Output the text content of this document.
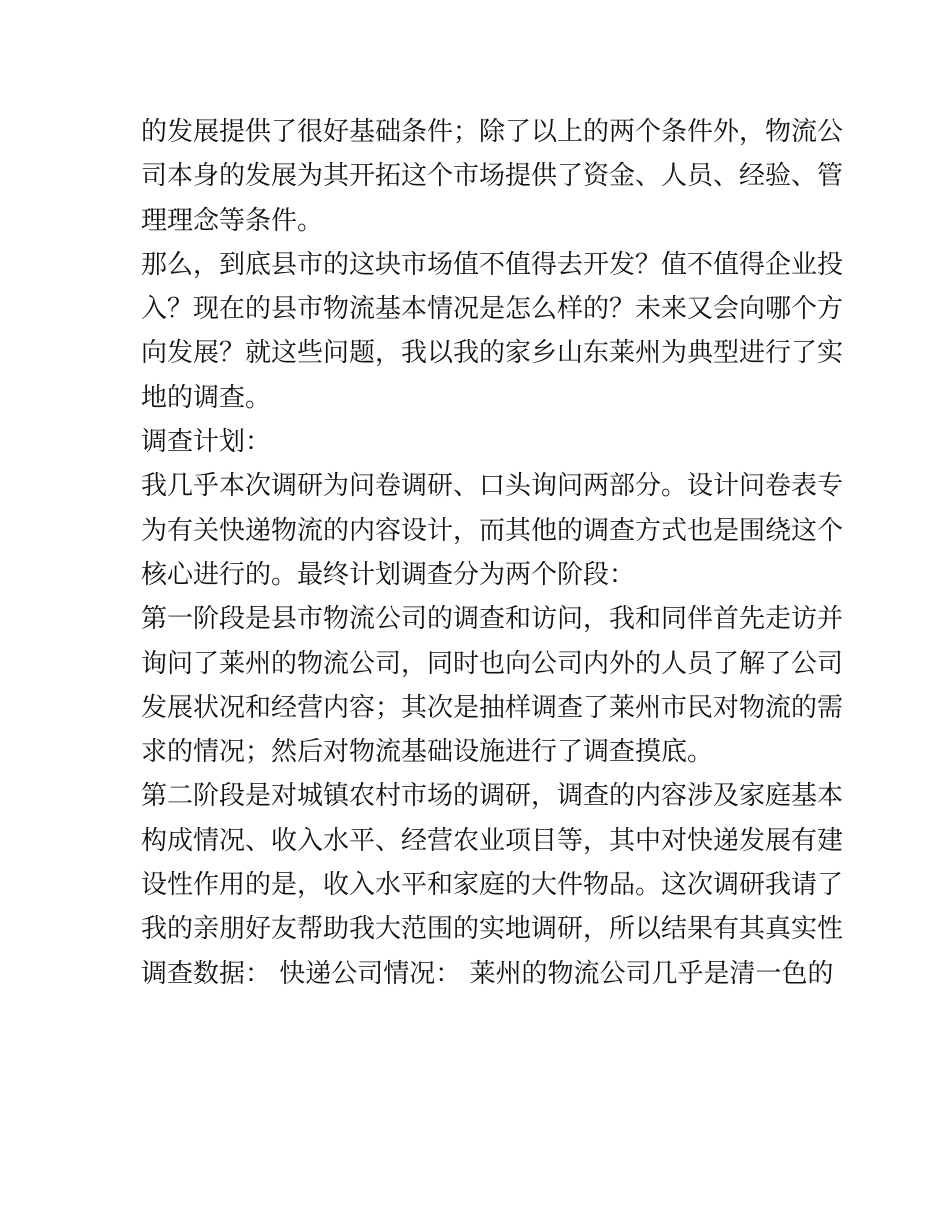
的发展提供了很好基础条件；除了以上的两个条件外，物流公
司本身的发展为其开拓这个市场提供了资金、人员、经验、管
理理念等条件。
那么，到底县市的这块市场值不值得去开发？值不值得企业投
入？现在的县市物流基本情况是怎么样的？未来又会向哪个方
向发展？就这些问题，我以我的家乡山东莱州为典型进行了实
地的调查。
调查计划：
我几乎本次调研为问卷调研、口头询问两部分。设计问卷表专
为有关快递物流的内容设计，而其他的调查方式也是围绕这个
核心进行的。最终计划调查分为两个阶段：
第一阶段是县市物流公司的调查和访问，我和同伴首先走访并
询问了莱州的物流公司，同时也向公司内外的人员了解了公司
发展状况和经营内容；其次是抽样调查了莱州市民对物流的需
求的情况；然后对物流基础设施进行了调查摸底。
第二阶段是对城镇农村市场的调研，调查的内容涉及家庭基本
构成情况、收入水平、经营农业项目等，其中对快递发展有建
设性作用的是，收入水平和家庭的大件物品。这次调研我请了
我的亲朋好友帮助我大范围的实地调研，所以结果有其真实性
调查数据： 快递公司情况： 莱州的物流公司几乎是清一色的
